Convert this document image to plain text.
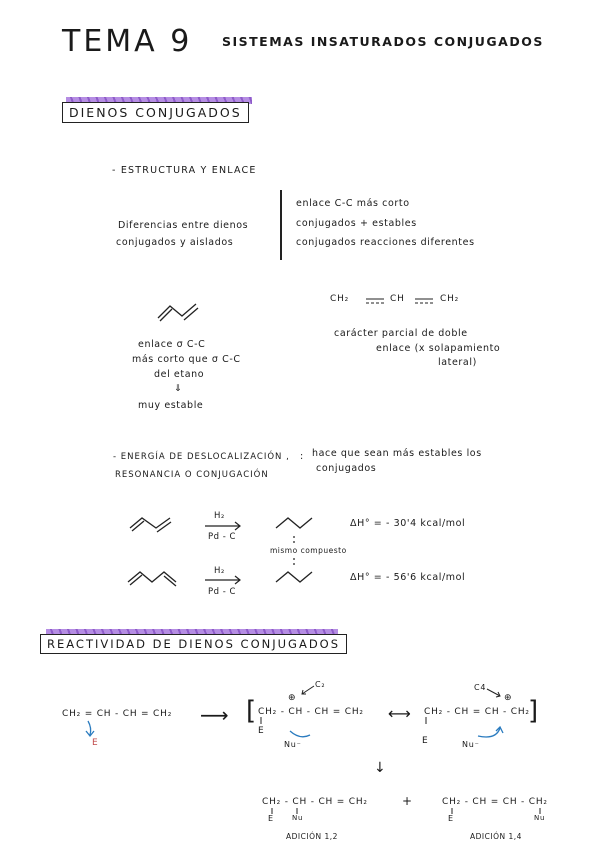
TEMA 9 SISTEMAS INSATURADOS CONJUGADOS
DIENOS CONJUGADOS
- ESTRUCTURA Y ENLACE
Diferencias entre dienos
conjugados y aislados
enlace C-C más corto
conjugados + estables
conjugados reacciones diferentes
CH₂	CH	CH₂
carácter parcial de doble
enlace (x solapamiento
lateral)
enlace σ C-C
más corto que σ C-C
del etano
⇓
muy estable
- ENERGÍA DE DESLOCALIZACIÓN ,
RESONANCIA O CONJUGACIÓN
: hace que sean más estables los
conjugados
H₂
Pd - C
ΔH° = - 30'4 kcal/mol
mismo compuesto
H₂
Pd - C
ΔH° = - 56'6 kcal/mol
REACTIVIDAD DE DIENOS CONJUGADOS
CH₂ = CH - CH = CH₂
E
⟶ [ CH₂ - CH - CH = CH₂
⊕
C₂
E
Nu⁻
⟷ CH₂ - CH = CH - CH₂
⊕
C4
E	Nu⁻
]
↓
CH₂ - CH - CH = CH₂
E	Nu
+	CH₂ - CH = CH - CH₂
E	Nu
ADICIÓN 1,2	ADICIÓN 1,4
